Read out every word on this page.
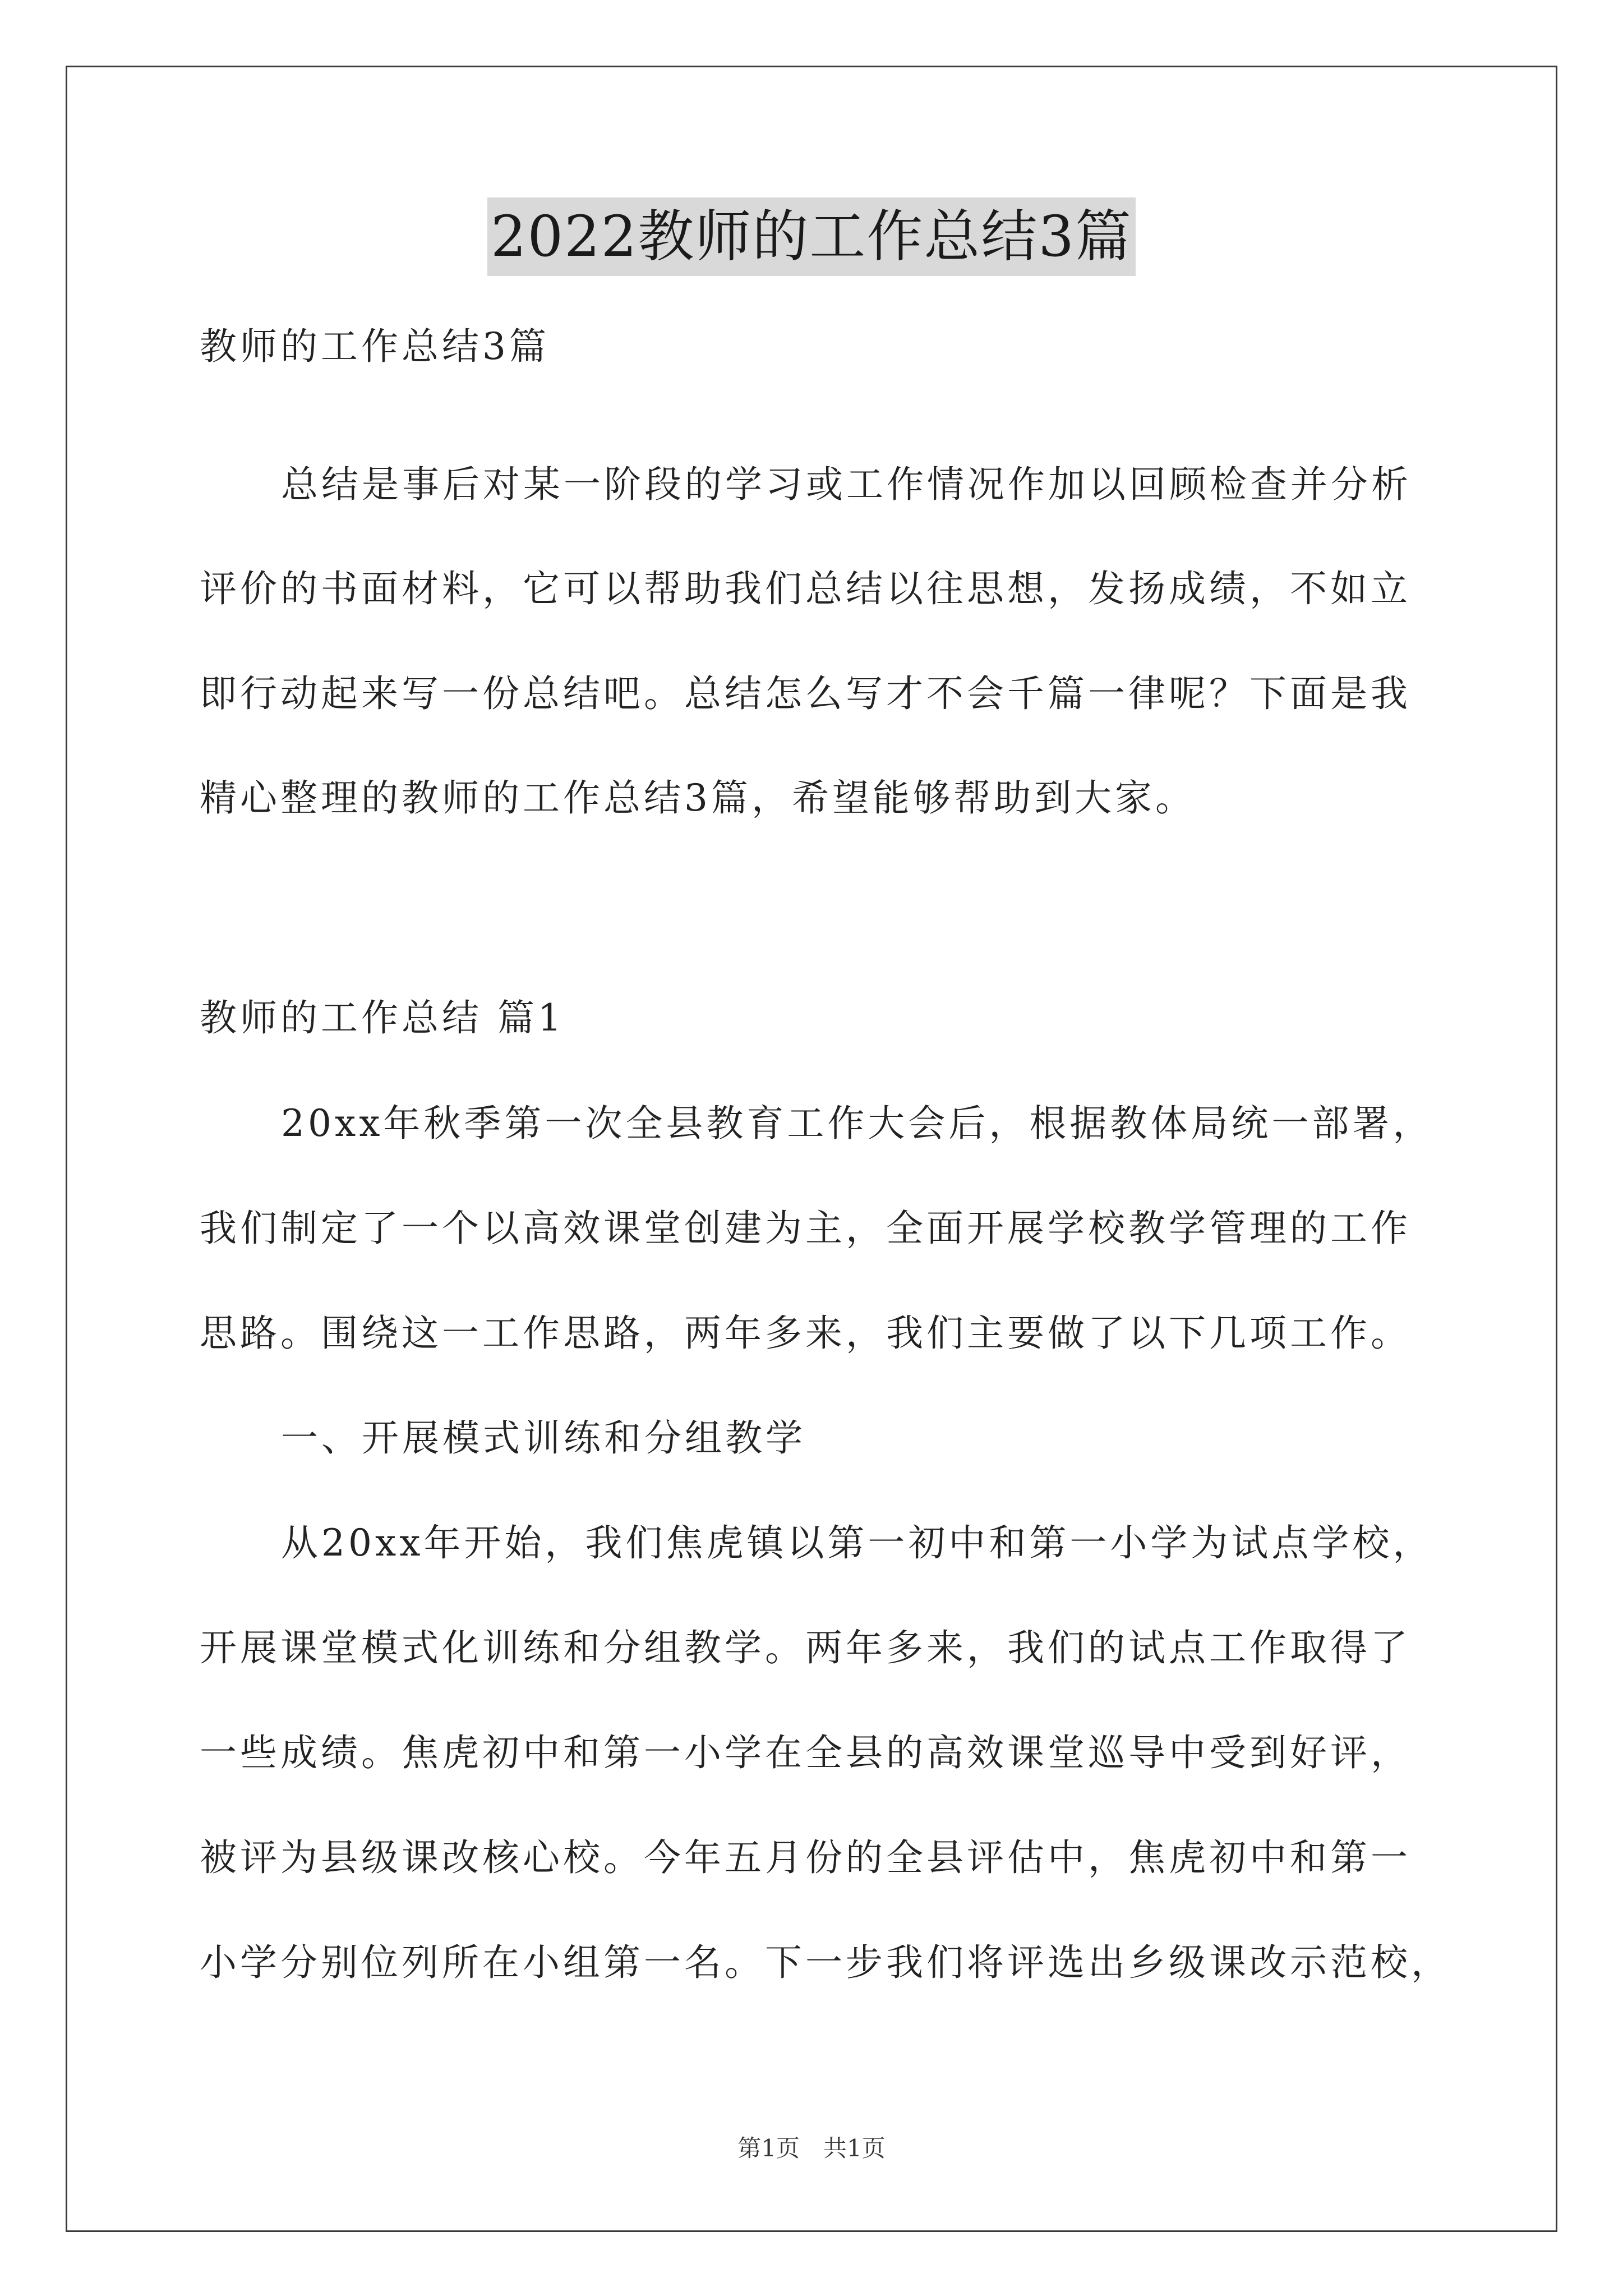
2022教师的工作总结3篇
教师的工作总结3篇
总结是事后对某一阶段的学习或工作情况作加以回顾检查并分析
评价的书面材料，它可以帮助我们总结以往思想，发扬成绩，不如立
即行动起来写一份总结吧。总结怎么写才不会千篇一律呢？下面是我
精心整理的教师的工作总结3篇，希望能够帮助到大家。
教师的工作总结 篇1
20xx年秋季第一次全县教育工作大会后，根据教体局统一部署，
我们制定了一个以高效课堂创建为主，全面开展学校教学管理的工作
思路。围绕这一工作思路，两年多来，我们主要做了以下几项工作。
一、开展模式训练和分组教学
从20xx年开始，我们焦虎镇以第一初中和第一小学为试点学校，
开展课堂模式化训练和分组教学。两年多来，我们的试点工作取得了
一些成绩。焦虎初中和第一小学在全县的高效课堂巡导中受到好评，
被评为县级课改核心校。今年五月份的全县评估中，焦虎初中和第一
小学分别位列所在小组第一名。下一步我们将评选出乡级课改示范校，
第1页　共1页
